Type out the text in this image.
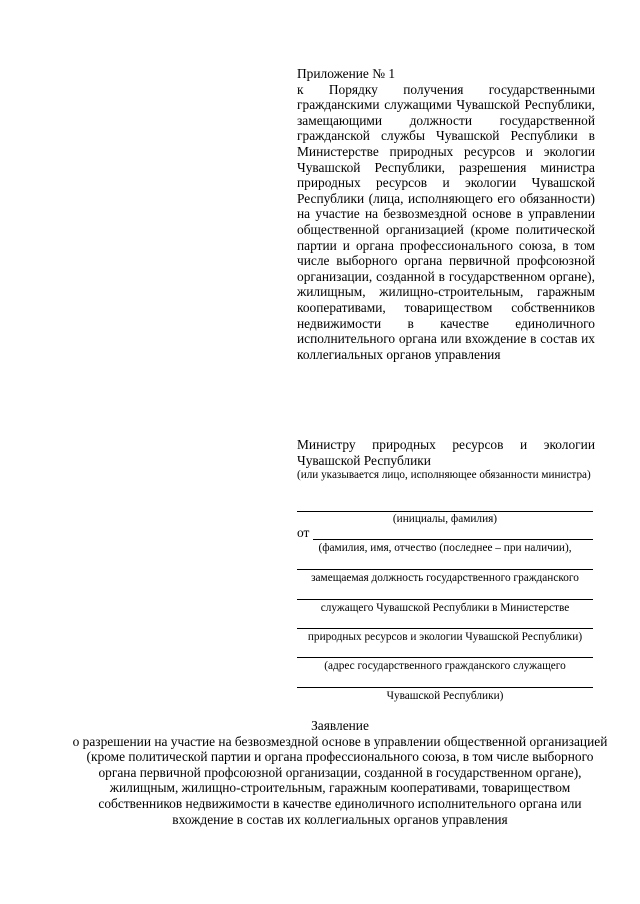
Приложение № 1
к Порядку получения государственными гражданскими служащими Чувашской Республики, замещающими должности государственной гражданской службы Чувашской Республики в Министерстве природных ресурсов и экологии Чувашской Республики, разрешения министра природных ресурсов и экологии Чувашской Республики (лица, исполняющего его обязанности) на участие на безвозмездной основе в управлении общественной организацией (кроме политической партии и органа профессионального союза, в том числе выборного органа первичной профсоюзной организации, созданной в государственном органе), жилищным, жилищно-строительным, гаражным кооперативами, товариществом собственников недвижимости в качестве единоличного исполнительного органа или вхождение в состав их коллегиальных органов управления
Министру природных ресурсов и экологии Чувашской Республики
(или указывается лицо, исполняющее обязанности министра)
(инициалы, фамилия)
от
(фамилия, имя, отчество (последнее – при наличии),
замещаемая должность государственного гражданского
служащего Чувашской Республики в Министерстве
природных ресурсов и экологии Чувашской Республики)
(адрес государственного гражданского служащего
Чувашской Республики)
Заявление
о разрешении на участие на безвозмездной основе в управлении общественной организацией (кроме политической партии и органа профессионального союза, в том числе выборного органа первичной профсоюзной организации, созданной в государственном органе), жилищным, жилищно-строительным, гаражным кооперативами, товариществом собственников недвижимости в качестве единоличного исполнительного органа или вхождение в состав их коллегиальных органов управления
